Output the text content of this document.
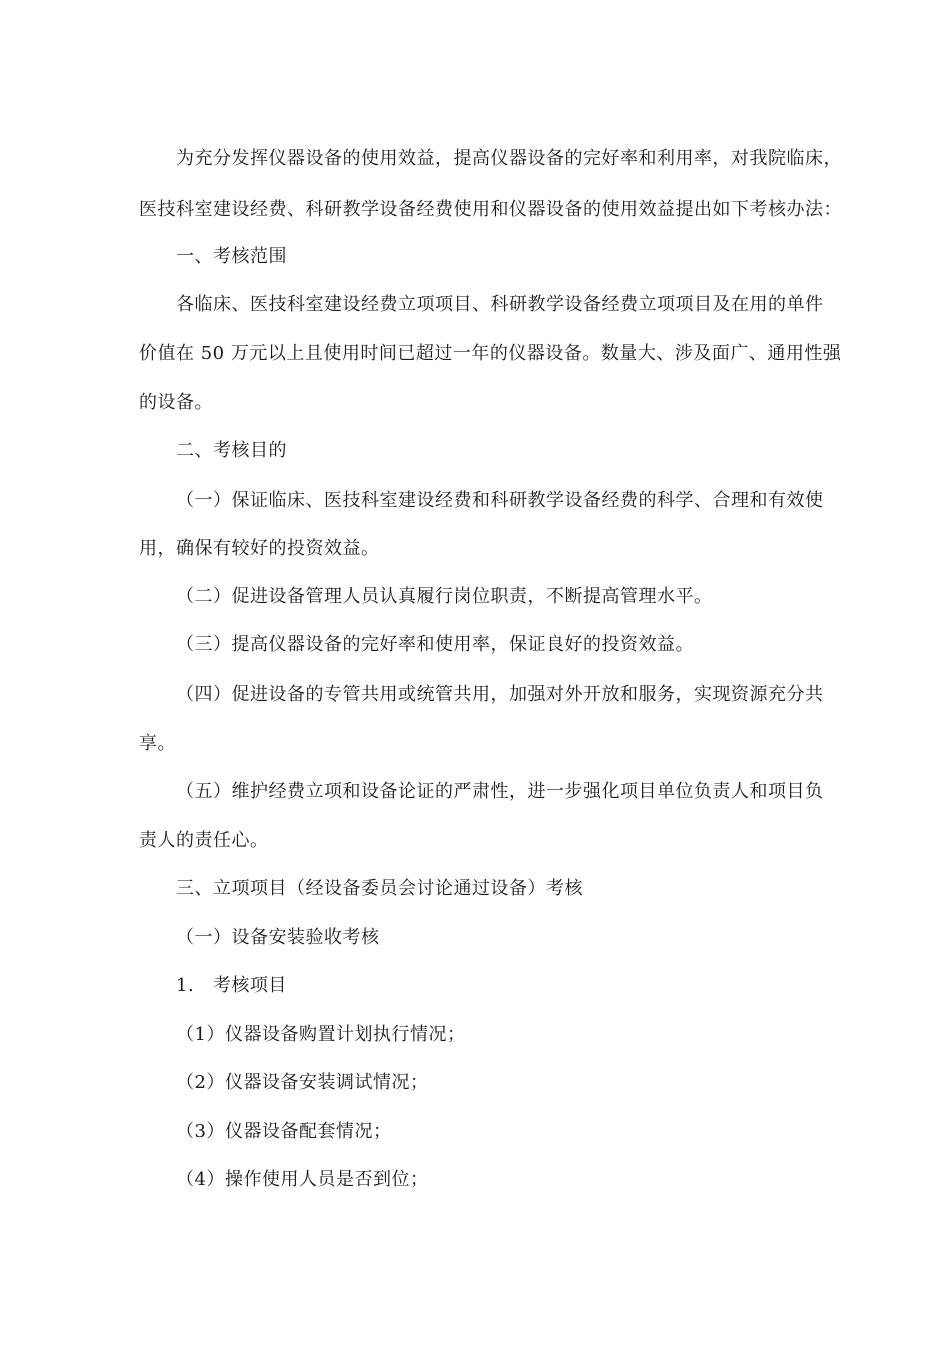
为充分发挥仪器设备的使用效益，提高仪器设备的完好率和利用率，对我院临床，
医技科室建设经费、科研教学设备经费使用和仪器设备的使用效益提出如下考核办法：
一、考核范围
各临床、医技科室建设经费立项项目、科研教学设备经费立项项目及在用的单件
价值在 50 万元以上且使用时间已超过一年的仪器设备。数量大、涉及面广、通用性强
的设备。
二、考核目的
（一）保证临床、医技科室建设经费和科研教学设备经费的科学、合理和有效使
用，确保有较好的投资效益。
（二）促进设备管理人员认真履行岗位职责，不断提高管理水平。
（三）提高仪器设备的完好率和使用率，保证良好的投资效益。
（四）促进设备的专管共用或统管共用，加强对外开放和服务，实现资源充分共
享。
（五）维护经费立项和设备论证的严肃性，进一步强化项目单位负责人和项目负
责人的责任心。
三、立项项目（经设备委员会讨论通过设备）考核
（一）设备安装验收考核
1.   考核项目
（1）仪器设备购置计划执行情况；
（2）仪器设备安装调试情况；
（3）仪器设备配套情况；
（4）操作使用人员是否到位；
